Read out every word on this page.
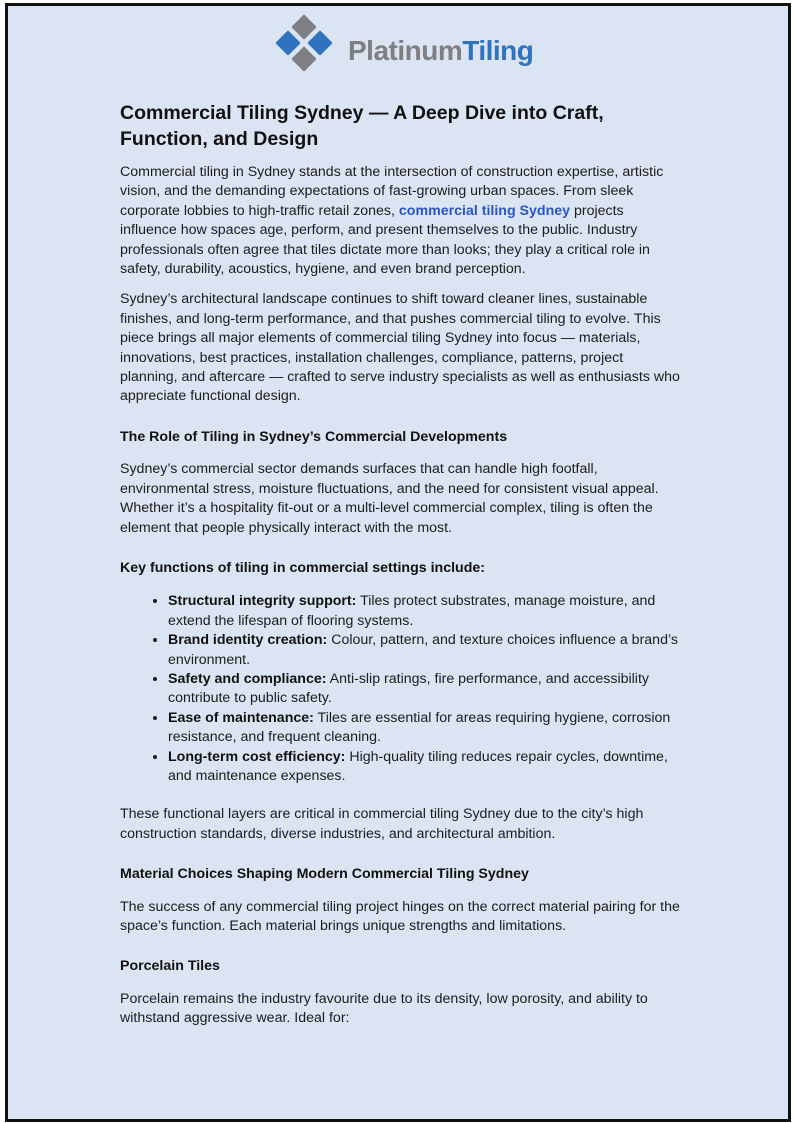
PlatinumTiling
Commercial Tiling Sydney — A Deep Dive into Craft, Function, and Design

Commercial tiling in Sydney stands at the intersection of construction expertise, artistic vision, and the demanding expectations of fast-growing urban spaces. From sleek corporate lobbies to high-traffic retail zones, commercial tiling Sydney projects influence how spaces age, perform, and present themselves to the public. Industry professionals often agree that tiles dictate more than looks; they play a critical role in safety, durability, acoustics, hygiene, and even brand perception.

Sydney’s architectural landscape continues to shift toward cleaner lines, sustainable finishes, and long-term performance, and that pushes commercial tiling to evolve. This piece brings all major elements of commercial tiling Sydney into focus — materials, innovations, best practices, installation challenges, compliance, patterns, project planning, and aftercare — crafted to serve industry specialists as well as enthusiasts who appreciate functional design.

The Role of Tiling in Sydney’s Commercial Developments

Sydney’s commercial sector demands surfaces that can handle high footfall, environmental stress, moisture fluctuations, and the need for consistent visual appeal. Whether it’s a hospitality fit-out or a multi-level commercial complex, tiling is often the element that people physically interact with the most.

Key functions of tiling in commercial settings include:
• Structural integrity support: Tiles protect substrates, manage moisture, and extend the lifespan of flooring systems.
• Brand identity creation: Colour, pattern, and texture choices influence a brand’s environment.
• Safety and compliance: Anti-slip ratings, fire performance, and accessibility contribute to public safety.
• Ease of maintenance: Tiles are essential for areas requiring hygiene, corrosion resistance, and frequent cleaning.
• Long-term cost efficiency: High-quality tiling reduces repair cycles, downtime, and maintenance expenses.

These functional layers are critical in commercial tiling Sydney due to the city’s high construction standards, diverse industries, and architectural ambition.

Material Choices Shaping Modern Commercial Tiling Sydney

The success of any commercial tiling project hinges on the correct material pairing for the space’s function. Each material brings unique strengths and limitations.

Porcelain Tiles

Porcelain remains the industry favourite due to its density, low porosity, and ability to withstand aggressive wear. Ideal for:
